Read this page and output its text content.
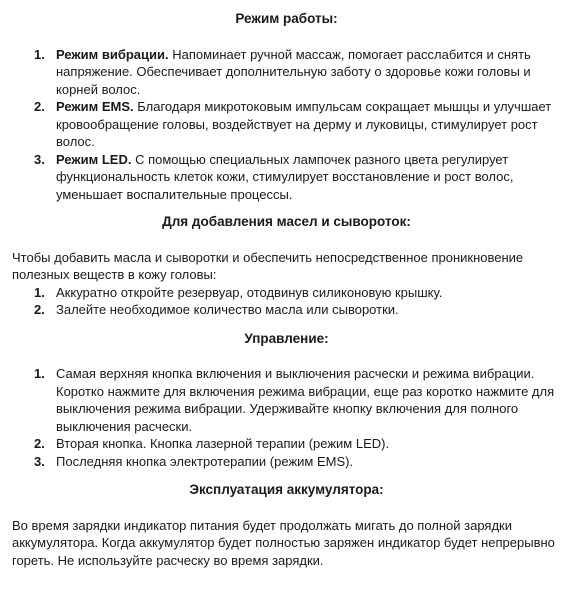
Режим работы:
1. Режим вибрации. Напоминает ручной массаж, помогает расслабится и снять напряжение. Обеспечивает дополнительную заботу о здоровье кожи головы и корней волос.
2. Режим EMS. Благодаря микротоковым импульсам сокращает мышцы и улучшает кровообращение головы, воздействует на дерму и луковицы, стимулирует рост волос.
3. Режим LED. С помощью специальных лампочек разного цвета регулирует функциональность клеток кожи, стимулирует восстановление и рост волос, уменьшает воспалительные процессы.
Для добавления масел и сывороток:

Чтобы добавить масла и сыворотки и обеспечить непосредственное проникновение полезных веществ в кожу головы:

1. Аккуратно откройте резервуар, отодвинув силиконовую крышку.
2. Залейте необходимое количество масла или сыворотки.
Управление:
1. Самая верхняя кнопка включения и выключения расчески и режима вибрации. Коротко нажмите для включения режима вибрации, еще раз коротко нажмите для выключения режима вибрации. Удерживайте кнопку включения для полного выключения расчески.
2. Вторая кнопка. Кнопка лазерной терапии (режим LED).
3. Последняя кнопка электротерапии (режим EMS).
Эксплуатация аккумулятора:

Во время зарядки индикатор питания будет продолжать мигать до полной зарядки аккумулятора. Когда аккумулятор будет полностью заряжен индикатор будет непрерывно гореть. Не используйте расческу во время зарядки.
